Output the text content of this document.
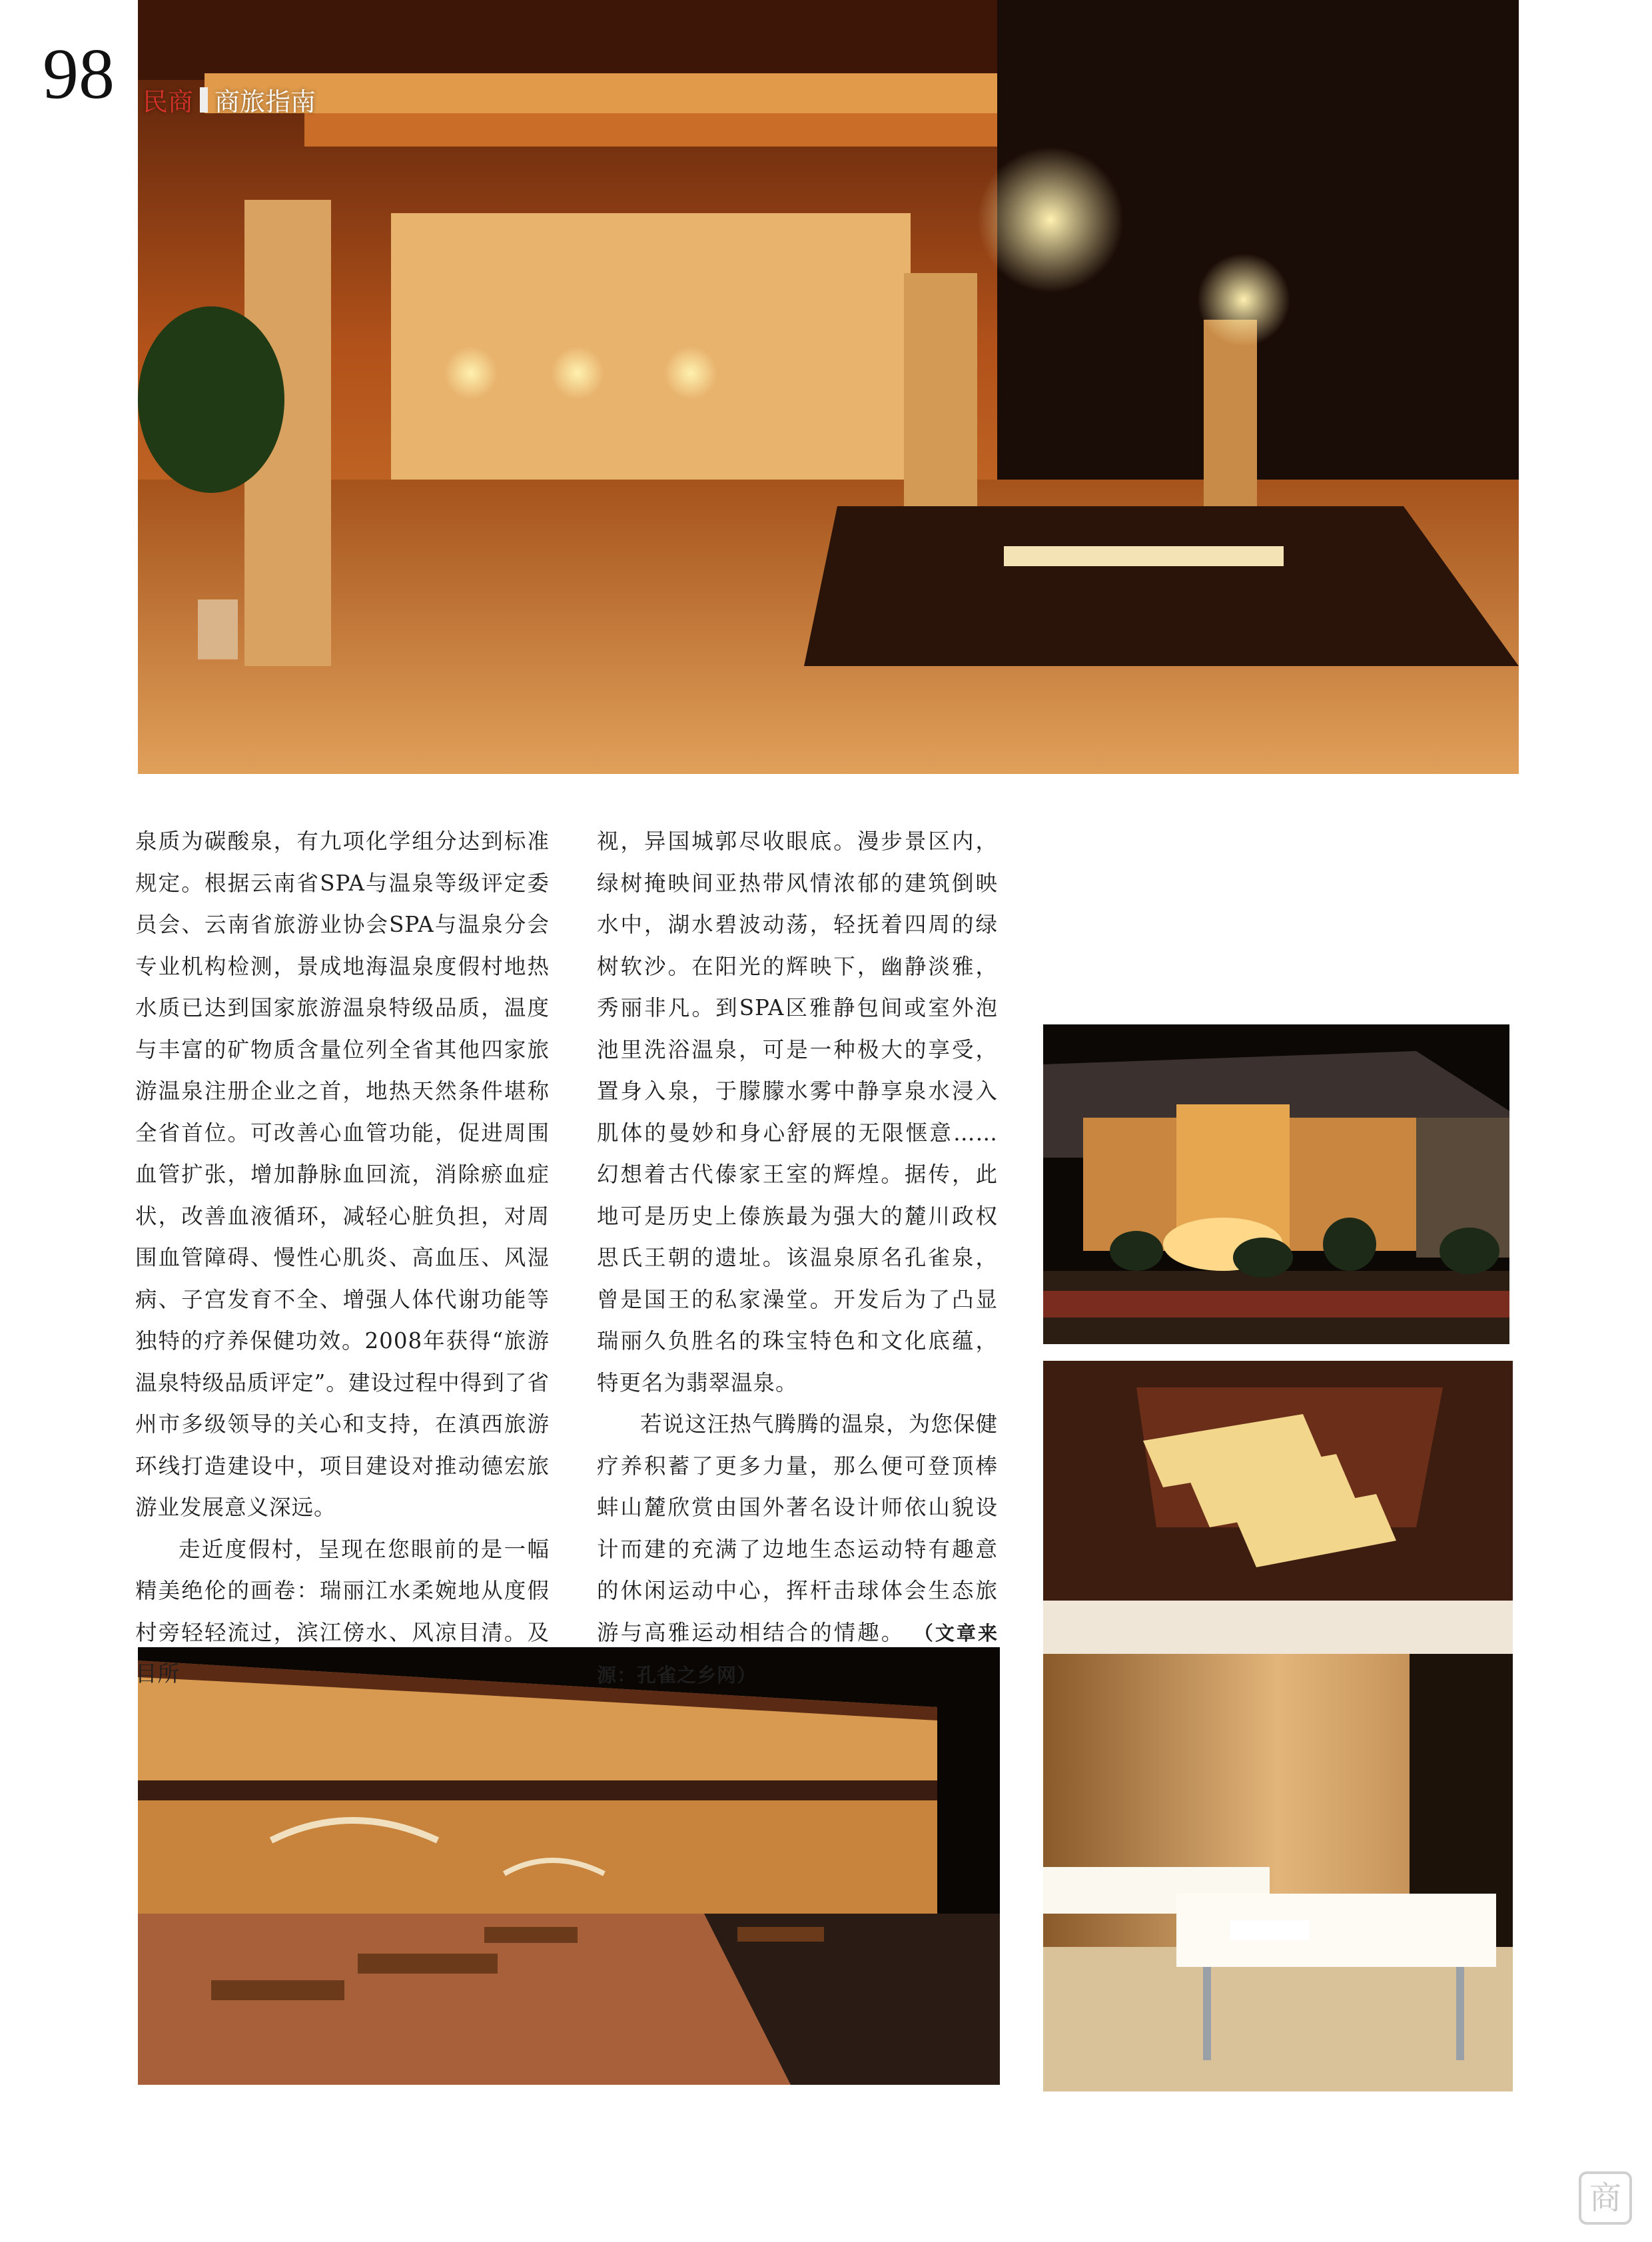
98 民商 商旅指南

泉质为碳酸泉，有九项化学组分达到标准规定。根据云南省SPA与温泉等级评定委员会、云南省旅游业协会SPA与温泉分会专业机构检测，景成地海温泉度假村地热水质已达到国家旅游温泉特级品质，温度与丰富的矿物质含量位列全省其他四家旅游温泉注册企业之首，地热天然条件堪称全省首位。可改善心血管功能，促进周围血管扩张，增加静脉血回流，消除瘀血症状，改善血液循环，减轻心脏负担，对周围血管障碍、慢性心肌炎、高血压、风湿病、子宫发育不全、增强人体代谢功能等独特的疗养保健功效。2008年获得“旅游温泉特级品质评定”。建设过程中得到了省州市多级领导的关心和支持，在滇西旅游环线打造建设中，项目建设对推动德宏旅游业发展意义深远。

走近度假村，呈现在您眼前的是一幅精美绝伦的画卷：瑞丽江水柔婉地从度假村旁轻轻流过，滨江傍水、风凉目清。及目所

视，异国城郭尽收眼底。漫步景区内，绿树掩映间亚热带风情浓郁的建筑倒映水中，湖水碧波动荡，轻抚着四周的绿树软沙。在阳光的辉映下，幽静淡雅，秀丽非凡。到SPA区雅静包间或室外泡池里洗浴温泉，可是一种极大的享受，置身入泉，于朦朦水雾中静享泉水浸入肌体的曼妙和身心舒展的无限惬意…… 幻想着古代傣家王室的辉煌。据传，此地可是历史上傣族最为强大的麓川政权思氏王朝的遗址。该温泉原名孔雀泉，曾是国王的私家澡堂。开发后为了凸显瑞丽久负胜名的珠宝特色和文化底蕴，特更名为翡翠温泉。

若说这汪热气腾腾的温泉，为您保健疗养积蓄了更多力量，那么便可登顶棒蚌山麓欣赏由国外著名设计师依山貌设计而建的充满了边地生态运动特有趣意的休闲运动中心，挥杆击球体会生态旅游与高雅运动相结合的情趣。 （文章来源：孔雀之乡网）

商
